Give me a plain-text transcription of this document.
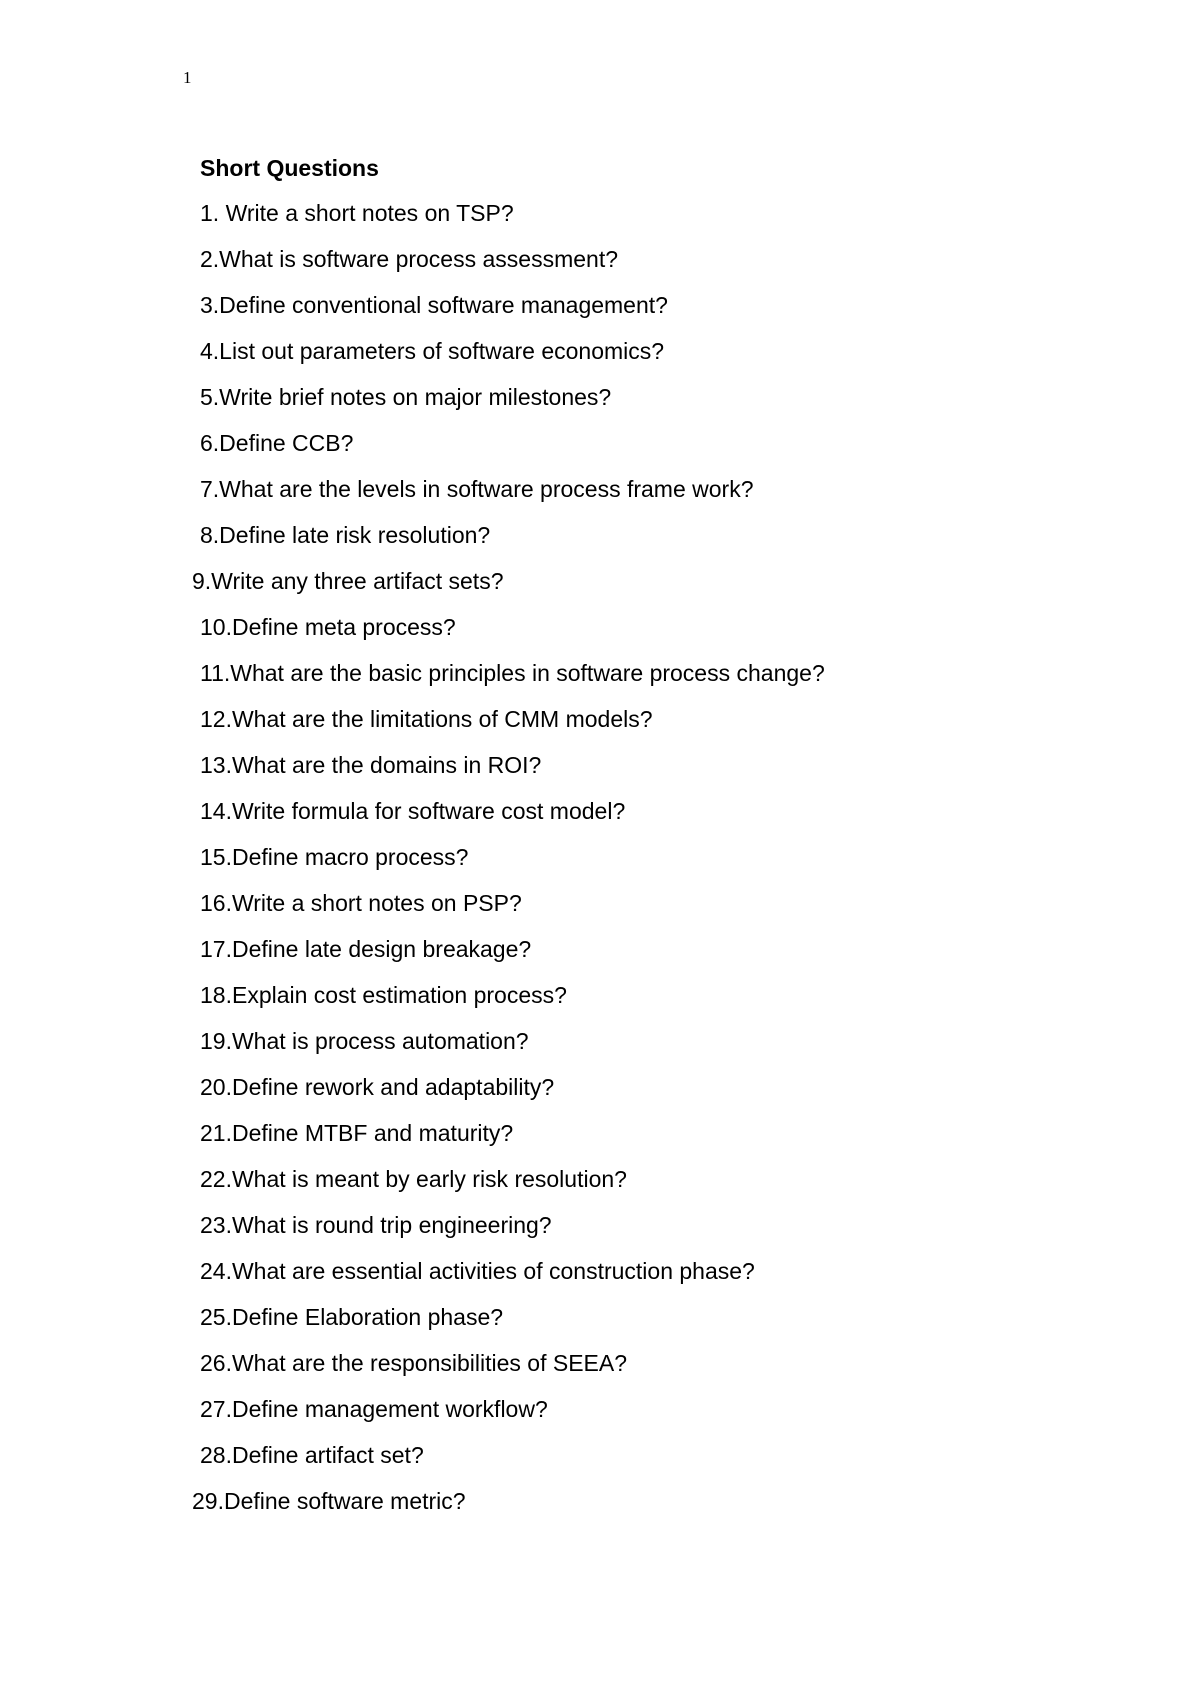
1
Short Questions
1. Write a short notes on TSP?
2.What is software process assessment?
3.Define conventional software management?
4.List out parameters of software economics?
5.Write brief notes on major milestones?
6.Define CCB?
7.What are the levels in software process frame work?
8.Define late risk resolution?
9.Write any three artifact sets?
10.Define meta process?
11.What are the basic principles in software process change?
12.What are the limitations of CMM models?
13.What are the domains in ROI?
14.Write formula for software cost model?
15.Define macro process?
16.Write a short notes on PSP?
17.Define late design breakage?
18.Explain cost estimation process?
19.What is process automation?
20.Define rework and adaptability?
21.Define MTBF and maturity?
22.What is meant by early risk resolution?
23.What is round trip engineering?
24.What are essential activities of construction phase?
25.Define Elaboration phase?
26.What are the responsibilities of SEEA?
27.Define management workflow?
28.Define artifact set?
29.Define software metric?
